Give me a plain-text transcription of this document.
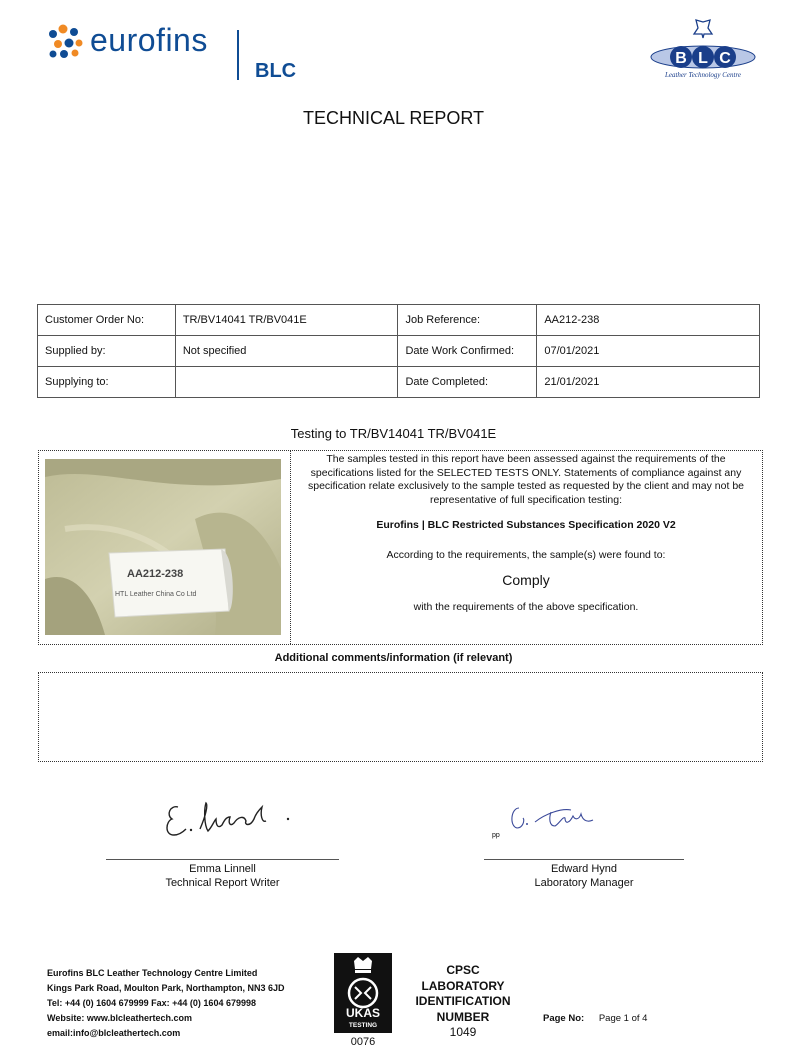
eurofins
BLC
B L C
Leather Technology Centre
TECHNICAL REPORT
Customer Order No:	TR/BV14041 TR/BV041E	Job Reference:	AA212-238
Supplied by:	Not specified	Date Work Confirmed:	07/01/2021
Supplying to:		Date Completed:	21/01/2021
Testing to TR/BV14041 TR/BV041E
AA212-238
HTL Leather China Co Ltd
The samples tested in this report have been assessed against the requirements of the specifications listed for the SELECTED TESTS ONLY. Statements of compliance against any specification relate exclusively to the sample tested as requested by the client and may not be representative of full specification testing:
Eurofins | BLC Restricted Substances Specification 2020 V2
According to the requirements, the sample(s) were found to:
Comply
with the requirements of the above specification.
Additional comments/information (if relevant)
Emma Linnell
Technical Report Writer
pp
Edward Hynd
Laboratory Manager
Eurofins BLC Leather Technology Centre Limited
Kings Park Road, Moulton Park, Northampton, NN3 6JD
Tel: +44 (0) 1604 679999 Fax: +44 (0) 1604 679998
Website: www.blcleathertech.com
email:info@blcleathertech.com
UKAS
TESTING
0076
CPSC
LABORATORY
IDENTIFICATION
NUMBER
1049
Page No: Page 1 of 4
